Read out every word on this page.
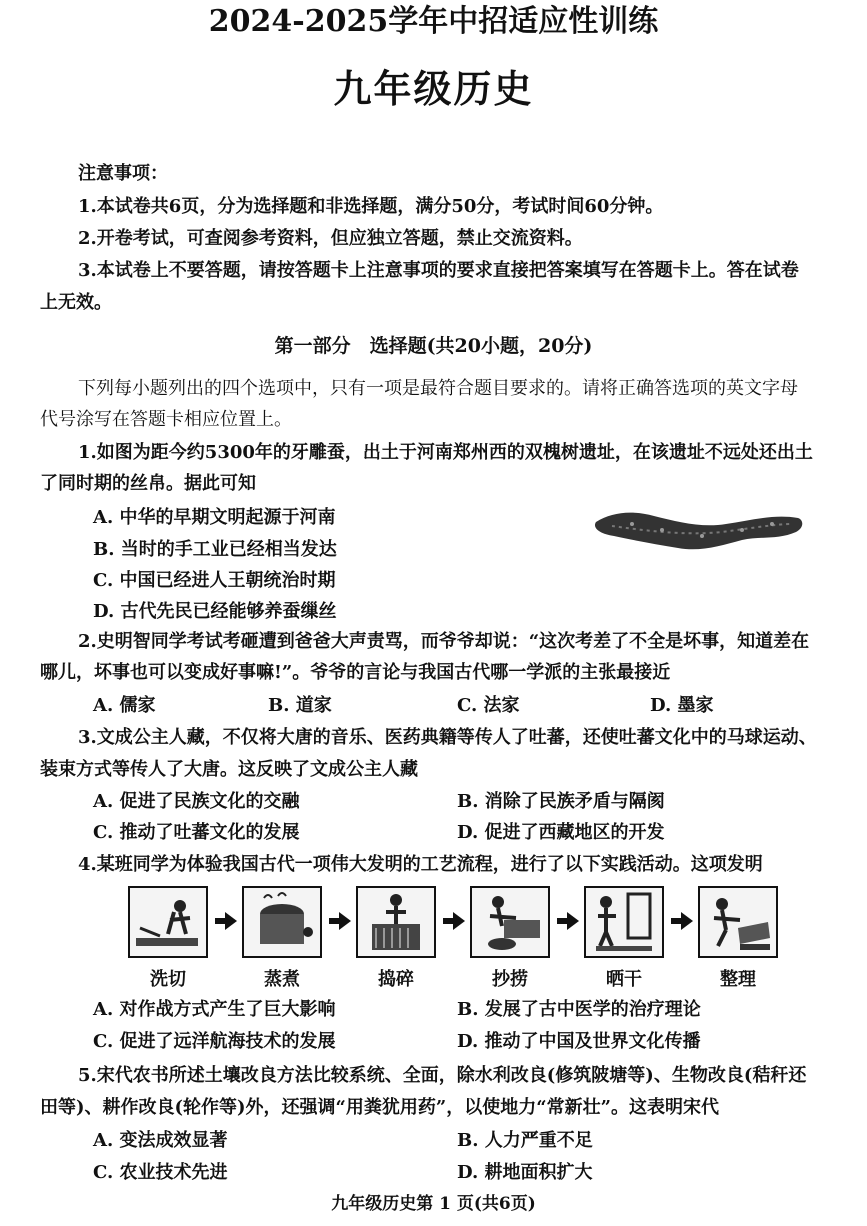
2024-2025学年中招适应性训练
九年级历史
注意事项：
1.本试卷共6页，分为选择题和非选择题，满分50分，考试时间60分钟。
2.开卷考试，可查阅参考资料，但应独立答题，禁止交流资料。
3.本试卷上不要答题，请按答题卡上注意事项的要求直接把答案填写在答题卡上。答在试卷
上无效。
第一部分　选择题(共20小题，20分)
下列每小题列出的四个选项中，只有一项是最符合题目要求的。请将正确答选项的英文字母
代号涂写在答题卡相应位置上。
1.如图为距今约5300年的牙雕蚕，出土于河南郑州西的双槐树遗址，在该遗址不远处还出土
了同时期的丝帛。据此可知
A. 中华的早期文明起源于河南
B. 当时的手工业已经相当发达
C. 中国已经进人王朝统治时期
D. 古代先民已经能够养蚕缫丝
2.史明智同学考试考砸遭到爸爸大声责骂，而爷爷却说：“这次考差了不全是坏事，知道差在
哪儿，坏事也可以变成好事嘛!”。爷爷的言论与我国古代哪一学派的主张最接近
A. 儒家	B. 道家	C. 法家	D. 墨家
3.文成公主人藏，不仅将大唐的音乐、医药典籍等传人了吐蕃，还使吐蕃文化中的马球运动、
装束方式等传人了大唐。这反映了文成公主人藏
A. 促进了民族文化的交融	B. 消除了民族矛盾与隔阂
C. 推动了吐蕃文化的发展	D. 促进了西藏地区的开发
4.某班同学为体验我国古代一项伟大发明的工艺流程，进行了以下实践活动。这项发明
洗切	蒸煮	捣碎	抄捞	晒干	整理
A. 对作战方式产生了巨大影响	B. 发展了古中医学的治疗理论
C. 促进了远洋航海技术的发展	D. 推动了中国及世界文化传播
5.宋代农书所述土壤改良方法比较系统、全面，除水利改良(修筑陂塘等)、生物改良(秸秆还
田等)、耕作改良(轮作等)外，还强调“用粪犹用药”，以使地力“常新壮”。这表明宋代
A. 变法成效显著	B. 人力严重不足
C. 农业技术先进	D. 耕地面积扩大
九年级历史第 1 页(共6页)
